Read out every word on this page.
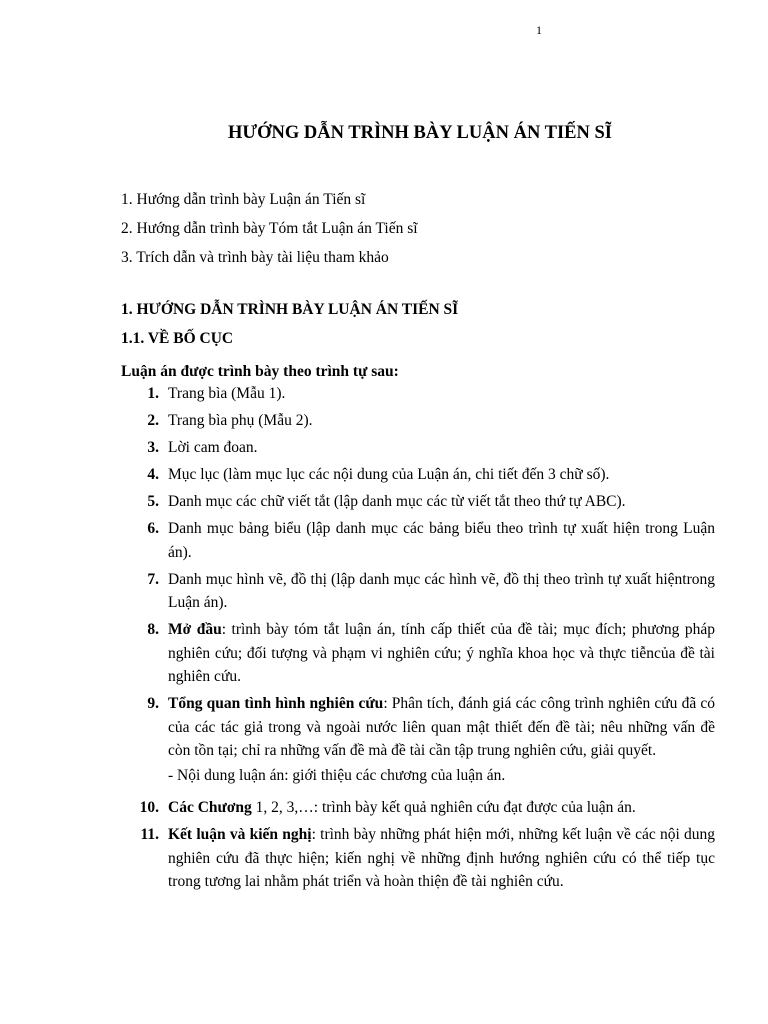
1
HƯỚNG DẪN TRÌNH BÀY LUẬN ÁN TIẾN SĨ
1. Hướng dẫn trình bày Luận án Tiến sĩ
2. Hướng dẫn trình bày Tóm tắt Luận án Tiến sĩ
3. Trích dẫn và trình bày tài liệu tham khảo
1. HƯỚNG DẪN TRÌNH BÀY LUẬN ÁN TIẾN SĨ
1.1. VỀ BỐ CỤC
Luận án được trình bày theo trình tự sau:
1. Trang bìa (Mẫu 1).
2. Trang bìa phụ (Mẫu 2).
3. Lời cam đoan.
4. Mục lục (làm mục lục các nội dung của Luận án, chi tiết đến 3 chữ số).
5. Danh mục các chữ viết tắt (lập danh mục các từ viết tắt theo thứ tự ABC).
6. Danh mục bảng biểu (lập danh mục các bảng biểu theo trình tự xuất hiện trong Luận án).
7. Danh mục hình vẽ, đồ thị (lập danh mục các hình vẽ, đồ thị theo trình tự xuất hiệntrong Luận án).
8. Mở đầu: trình bày tóm tắt luận án, tính cấp thiết của đề tài; mục đích; phương pháp nghiên cứu; đối tượng và phạm vi nghiên cứu; ý nghĩa khoa học và thực tiễncủa đề tài nghiên cứu.
9. Tổng quan tình hình nghiên cứu: Phân tích, đánh giá các công trình nghiên cứu đã có của các tác giả trong và ngoài nước liên quan mật thiết đến đề tài; nêu những vấn đề còn tồn tại; chỉ ra những vấn đề mà đề tài cần tập trung nghiên cứu, giải quyết.
- Nội dung luận án: giới thiệu các chương của luận án.
10. Các Chương 1, 2, 3,…: trình bày kết quả nghiên cứu đạt được của luận án.
11. Kết luận và kiến nghị: trình bày những phát hiện mới, những kết luận về các nội dung nghiên cứu đã thực hiện; kiến nghị về những định hướng nghiên cứu có thể tiếp tục trong tương lai nhằm phát triển và hoàn thiện đề tài nghiên cứu.
